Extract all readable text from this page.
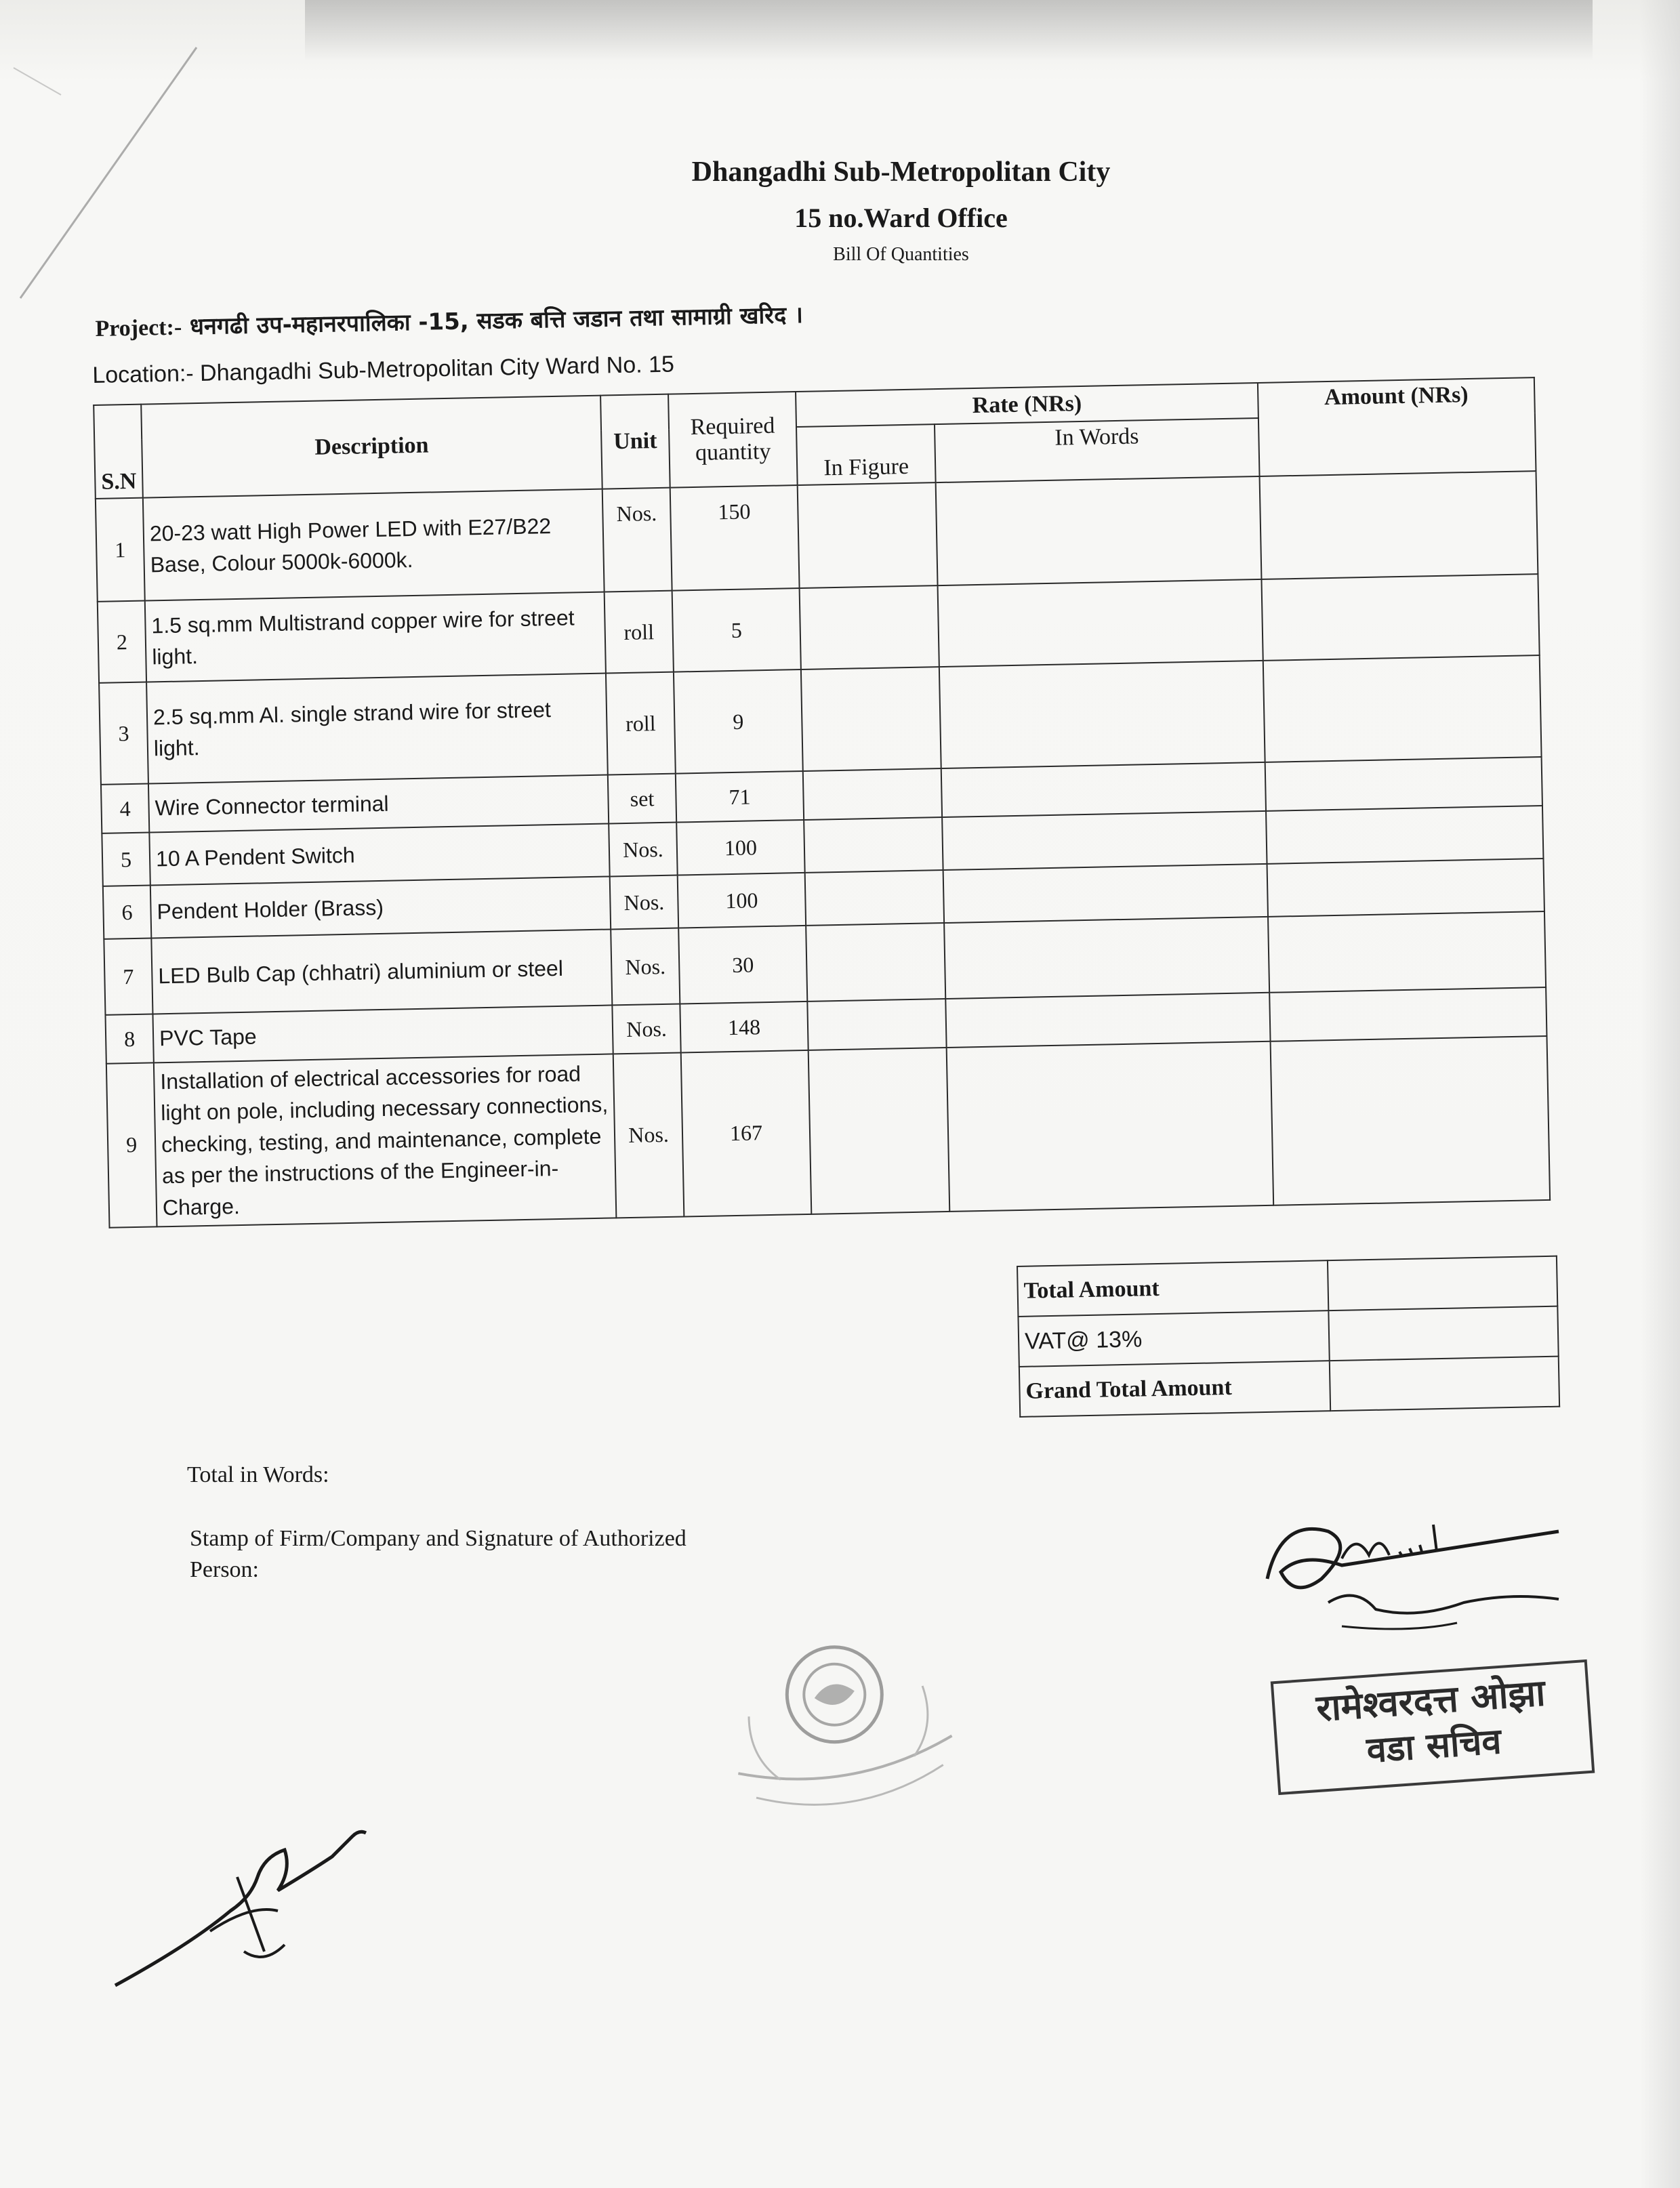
Dhangadhi Sub-Metropolitan City
15 no.Ward Office
Bill Of Quantities
Project:- धनगढी उप-महानरपालिका -15, सडक बत्ति जडान तथा सामाग्री खरिद ।
Location:- Dhangadhi Sub-Metropolitan City Ward No. 15
S.N	Description	Unit	Required quantity	Rate (NRs)		Amount (NRs)
				In Figure	In Words	
1	20-23 watt High Power LED with E27/B22 Base, Colour 5000k-6000k.	Nos.	150			
2	1.5 sq.mm Multistrand copper wire for street light.	roll	5			
3	2.5 sq.mm Al. single strand wire for street light.	roll	9			
4	Wire Connector terminal	set	71			
5	10 A Pendent Switch	Nos.	100			
6	Pendent Holder (Brass)	Nos.	100			
7	LED Bulb Cap (chhatri) aluminium or steel	Nos.	30			
8	PVC Tape	Nos.	148			
9	Installation of electrical accessories for road light on pole, including necessary connections, checking, testing, and maintenance, complete as per the instructions of the Engineer-in-Charge.	Nos.	167			
Total Amount	
VAT@ 13%	
Grand Total Amount	
Total in Words:
Stamp of Firm/Company and Signature of Authorized Person:
रामेश्वरदत्त ओझा
वडा सचिव
